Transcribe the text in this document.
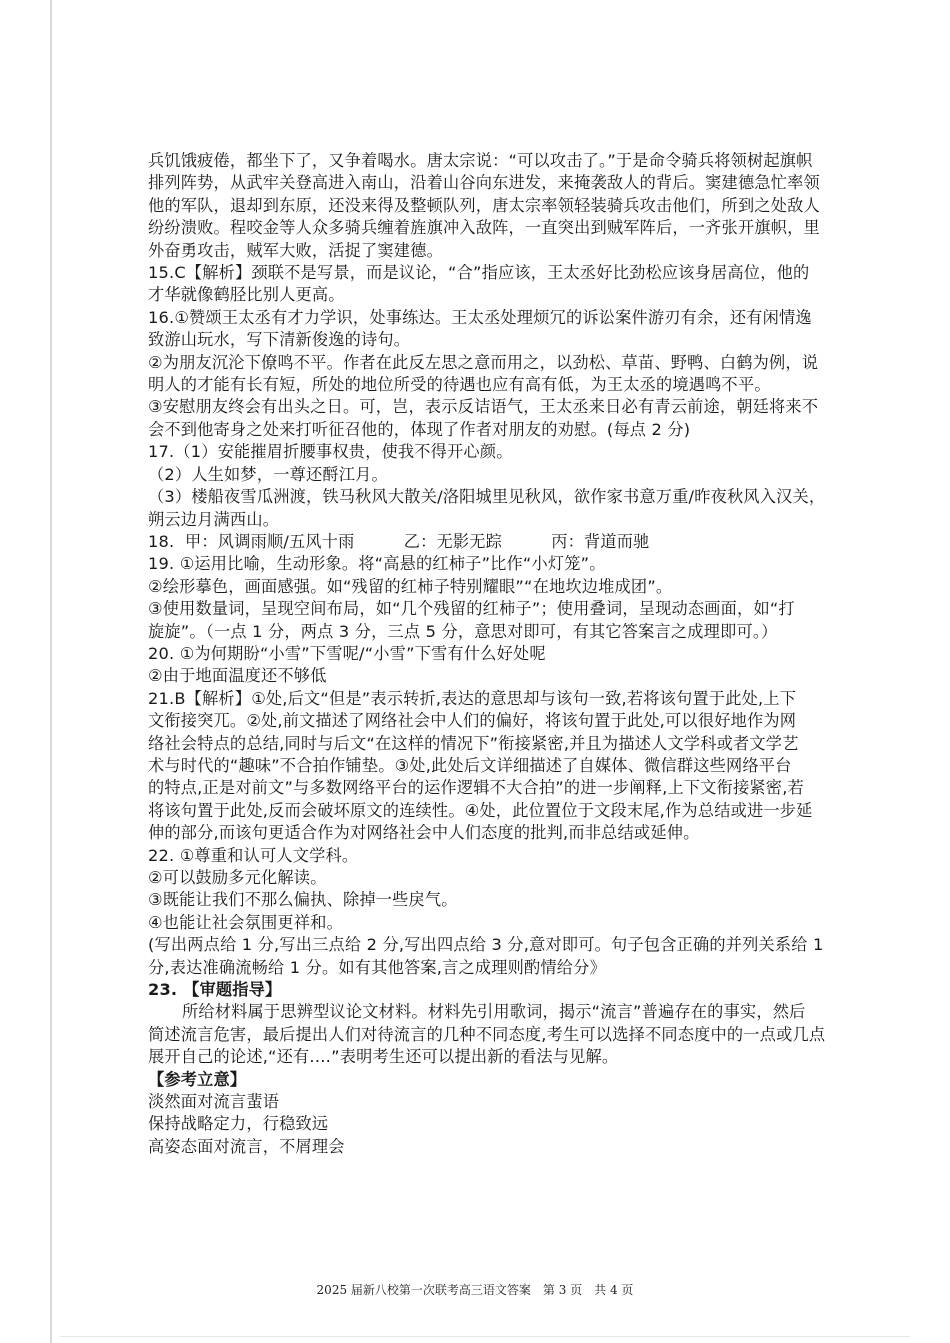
兵饥饿疲倦，都坐下了，又争着喝水。唐太宗说：“可以攻击了。”于是命令骑兵将领树起旗帜

排列阵势，从武牢关登高进入南山，沿着山谷向东进发，来掩袭敌人的背后。窦建德急忙率领

他的军队，退却到东原，还没来得及整顿队列，唐太宗率领轻装骑兵攻击他们，所到之处敌人

纷纷溃败。程咬金等人众多骑兵缠着旌旗冲入敌阵，一直突出到贼军阵后，一齐张开旗帜，里

外奋勇攻击，贼军大败，活捉了窦建德。

15.C【解析】颈联不是写景，而是议论，“合”指应该，王太丞好比劲松应该身居高位，他的

才华就像鹤胫比别人更高。

16.①赞颂王太丞有才力学识，处事练达。王太丞处理烦冗的诉讼案件游刃有余，还有闲情逸

致游山玩水，写下清新俊逸的诗句。

②为朋友沉沦下僚鸣不平。作者在此反左思之意而用之，以劲松、草苗、野鸭、白鹤为例，说

明人的才能有长有短，所处的地位所受的待遇也应有高有低，为王太丞的境遇鸣不平。

③安慰朋友终会有出头之日。可，岂，表示反诘语气，王太丞来日必有青云前途，朝廷将来不

会不到他寄身之处来打听征召他的，体现了作者对朋友的劝慰。(每点 2 分)

17.（1）安能摧眉折腰事权贵，使我不得开心颜。

（2）人生如梦，一尊还酹江月。

（3）楼船夜雪瓜洲渡，铁马秋风大散关/洛阳城里见秋风，欲作家书意万重/昨夜秋风入汉关，

朔云边月满西山。

18.  甲：风调雨顺/五风十雨　　　乙：无影无踪　　　丙：背道而驰

19. ①运用比喻，生动形象。将“高悬的红柿子”比作“小灯笼”。

②绘形摹色，画面感强。如“残留的红柿子特别耀眼”“在地坎边堆成团”。

③使用数量词，呈现空间布局，如“几个残留的红柿子”；使用叠词，呈现动态画面，如“打

旋旋”。（一点 1 分，两点 3 分，三点 5 分，意思对即可，有其它答案言之成理即可。）

20. ①为何期盼“小雪”下雪呢/“小雪”下雪有什么好处呢

②由于地面温度还不够低

21.B【解析】①处,后文“但是”表示转折,表达的意思却与该句一致,若将该句置于此处,上下

文衔接突兀。②处,前文描述了网络社会中人们的偏好，将该句置于此处,可以很好地作为网

络社会特点的总结,同时与后文“在这样的情况下”衔接紧密,并且为描述人文学科或者文学艺

术与时代的“趣味”不合拍作铺垫。③处,此处后文详细描述了自媒体、微信群这些网络平台

的特点,正是对前文”与多数网络平台的运作逻辑不大合拍”的进一步阐释,上下文衔接紧密,若

将该句置于此处,反而会破坏原文的连续性。④处，此位置位于文段末尾,作为总结或进一步延

伸的部分,而该句更适合作为对网络社会中人们态度的批判,而非总结或延伸。

22. ①尊重和认可人文学科。

②可以鼓励多元化解读。

③既能让我们不那么偏执、除掉一些戾气。

④也能让社会氛围更祥和。

(写出两点给 1 分,写出三点给 2 分,写出四点给 3 分,意对即可。句子包含正确的并列关系给 1

分,表达准确流畅给 1 分。如有其他答案,言之成理则酌情给分》

23. 【审题指导】

所给材料属于思辨型议论文材料。材料先引用歌词，揭示“流言”普遍存在的事实，然后

简述流言危害，最后提出人们对待流言的几种不同态度,考生可以选择不同态度中的一点或几点

展开自己的论述,“还有.…”表明考生还可以提出新的看法与见解。

【参考立意】

淡然面对流言蜚语

保持战略定力，行稳致远

高姿态面对流言，不屑理会

2025 届新八校第一次联考高三语文答案　第 3 页　共 4 页
